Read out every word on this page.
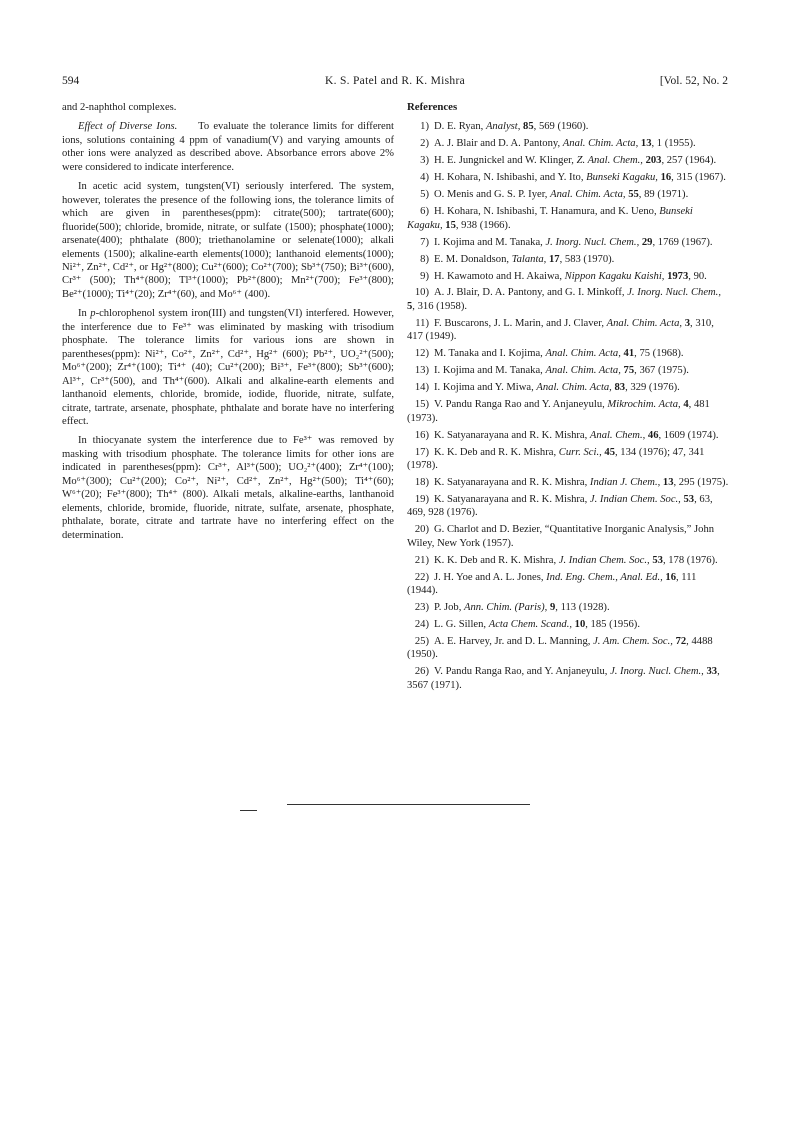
594	K. S. Patel and R. K. Mishra	[Vol. 52, No. 2

and 2-naphthol complexes.

Effect of Diverse Ions. To evaluate the tolerance limits for different ions, solutions containing 4 ppm of vanadium(V) and varying amounts of other ions were analyzed as described above. Absorbance errors above 2% were considered to indicate interference.

In acetic acid system, tungsten(VI) seriously interfered. The system, however, tolerates the presence of the following ions, the tolerance limits of which are given in parentheses(ppm): citrate(500); tartrate(600); fluoride(500); chloride, bromide, nitrate, or sulfate (1500); phosphate(1000); arsenate(400); phthalate (800); triethanolamine or selenate(1000); alkali elements (1500); alkaline-earth elements(1000); lanthanoid elements(1000); Ni²⁺, Zn²⁺, Cd²⁺, or Hg²⁺(800); Cu²⁺(600); Co²⁺(700); Sb³⁺(750); Bi³⁺(600), Cr³⁺ (500); Th⁴⁺(800); Tl³⁺(1000); Pb²⁺(800); Mn²⁺(700); Fe³⁺(800); Be²⁺(1000); Ti⁴⁺(20); Zr⁴⁺(60), and Mo⁶⁺ (400).

In p-chlorophenol system iron(III) and tungsten(VI) interfered. However, the interference due to Fe³⁺ was eliminated by masking with trisodium phosphate. The tolerance limits for various ions are shown in parentheses(ppm): Ni²⁺, Co²⁺, Zn²⁺, Cd²⁺, Hg²⁺ (600); Pb²⁺, UO₂²⁺(500); Mo⁶⁺(200); Zr⁴⁺(100); Ti⁴⁺ (40); Cu²⁺(200); Bi³⁺, Fe³⁺(800); Sb³⁺(600); Al³⁺, Cr³⁺(500), and Th⁴⁺(600). Alkali and alkaline-earth elements and lanthanoid elements, chloride, bromide, iodide, fluoride, nitrate, sulfate, citrate, tartrate, arsenate, phosphate, phthalate and borate have no interfering effect.

In thiocyanate system the interference due to Fe³⁺ was removed by masking with trisodium phosphate. The tolerance limits for other ions are indicated in parentheses(ppm): Cr³⁺, Al³⁺(500); UO₂²⁺(400); Zr⁴⁺(100); Mo⁶⁺(300); Cu²⁺(200); Co²⁺, Ni²⁺, Cd²⁺, Zn²⁺, Hg²⁺(500); Ti⁴⁺(60); W⁶⁺(20); Fe³⁺(800); Th⁴⁺ (800). Alkali metals, alkaline-earths, lanthanoid elements, chloride, bromide, fluoride, nitrate, sulfate, arsenate, phosphate, phthalate, borate, citrate and tartrate have no interfering effect on the determination.

References
1) D. E. Ryan, Analyst, 85, 569 (1960).
2) A. J. Blair and D. A. Pantony, Anal. Chim. Acta, 13, 1 (1955).
3) H. E. Jungnickel and W. Klinger, Z. Anal. Chem., 203, 257 (1964).
4) H. Kohara, N. Ishibashi, and Y. Ito, Bunseki Kagaku, 16, 315 (1967).
5) O. Menis and G. S. P. Iyer, Anal. Chim. Acta, 55, 89 (1971).
6) H. Kohara, N. Ishibashi, T. Hanamura, and K. Ueno, Bunseki Kagaku, 15, 938 (1966).
7) I. Kojima and M. Tanaka, J. Inorg. Nucl. Chem., 29, 1769 (1967).
8) E. M. Donaldson, Talanta, 17, 583 (1970).
9) H. Kawamoto and H. Akaiwa, Nippon Kagaku Kaishi, 1973, 90.
10) A. J. Blair, D. A. Pantony, and G. I. Minkoff, J. Inorg. Nucl. Chem., 5, 316 (1958).
11) F. Buscarons, J. L. Marin, and J. Claver, Anal. Chim. Acta, 3, 310, 417 (1949).
12) M. Tanaka and I. Kojima, Anal. Chim. Acta, 41, 75 (1968).
13) I. Kojima and M. Tanaka, Anal. Chim. Acta, 75, 367 (1975).
14) I. Kojima and Y. Miwa, Anal. Chim. Acta, 83, 329 (1976).
15) V. Pandu Ranga Rao and Y. Anjaneyulu, Mikrochim. Acta, 4, 481 (1973).
16) K. Satyanarayana and R. K. Mishra, Anal. Chem., 46, 1609 (1974).
17) K. K. Deb and R. K. Mishra, Curr. Sci., 45, 134 (1976); 47, 341 (1978).
18) K. Satyanarayana and R. K. Mishra, Indian J. Chem., 13, 295 (1975).
19) K. Satyanarayana and R. K. Mishra, J. Indian Chem. Soc., 53, 63, 469, 928 (1976).
20) G. Charlot and D. Bezier, “Quantitative Inorganic Analysis,” John Wiley, New York (1957).
21) K. K. Deb and R. K. Mishra, J. Indian Chem. Soc., 53, 178 (1976).
22) J. H. Yoe and A. L. Jones, Ind. Eng. Chem., Anal. Ed., 16, 111 (1944).
23) P. Job, Ann. Chim. (Paris), 9, 113 (1928).
24) L. G. Sillen, Acta Chem. Scand., 10, 185 (1956).
25) A. E. Harvey, Jr. and D. L. Manning, J. Am. Chem. Soc., 72, 4488 (1950).
26) V. Pandu Ranga Rao, and Y. Anjaneyulu, J. Inorg. Nucl. Chem., 33, 3567 (1971).
